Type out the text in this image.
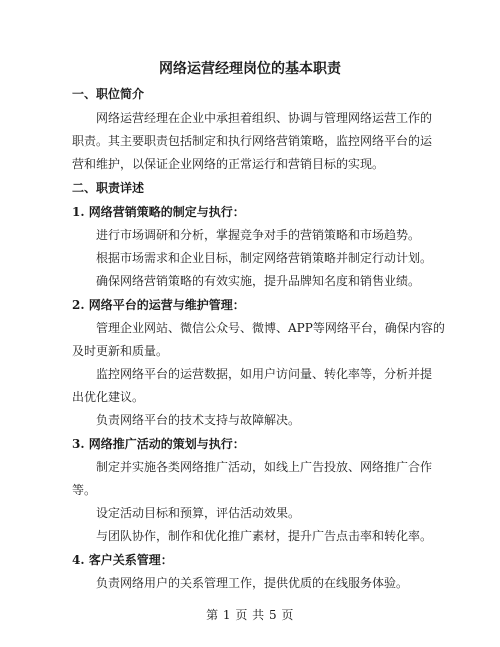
网络运营经理岗位的基本职责
一、职位简介
网络运营经理在企业中承担着组织、协调与管理网络运营工作的
职责。其主要职责包括制定和执行网络营销策略，监控网络平台的运
营和维护，以保证企业网络的正常运行和营销目标的实现。
二、职责详述
1. 网络营销策略的制定与执行：
进行市场调研和分析，掌握竞争对手的营销策略和市场趋势。
根据市场需求和企业目标，制定网络营销策略并制定行动计划。
确保网络营销策略的有效实施，提升品牌知名度和销售业绩。
2. 网络平台的运营与维护管理：
管理企业网站、微信公众号、微博、APP等网络平台，确保内容的
及时更新和质量。
监控网络平台的运营数据，如用户访问量、转化率等，分析并提
出优化建议。
负责网络平台的技术支持与故障解决。
3. 网络推广活动的策划与执行：
制定并实施各类网络推广活动，如线上广告投放、网络推广合作
等。
设定活动目标和预算，评估活动效果。
与团队协作，制作和优化推广素材，提升广告点击率和转化率。
4. 客户关系管理：
负责网络用户的关系管理工作，提供优质的在线服务体验。
第 1 页 共 5 页
